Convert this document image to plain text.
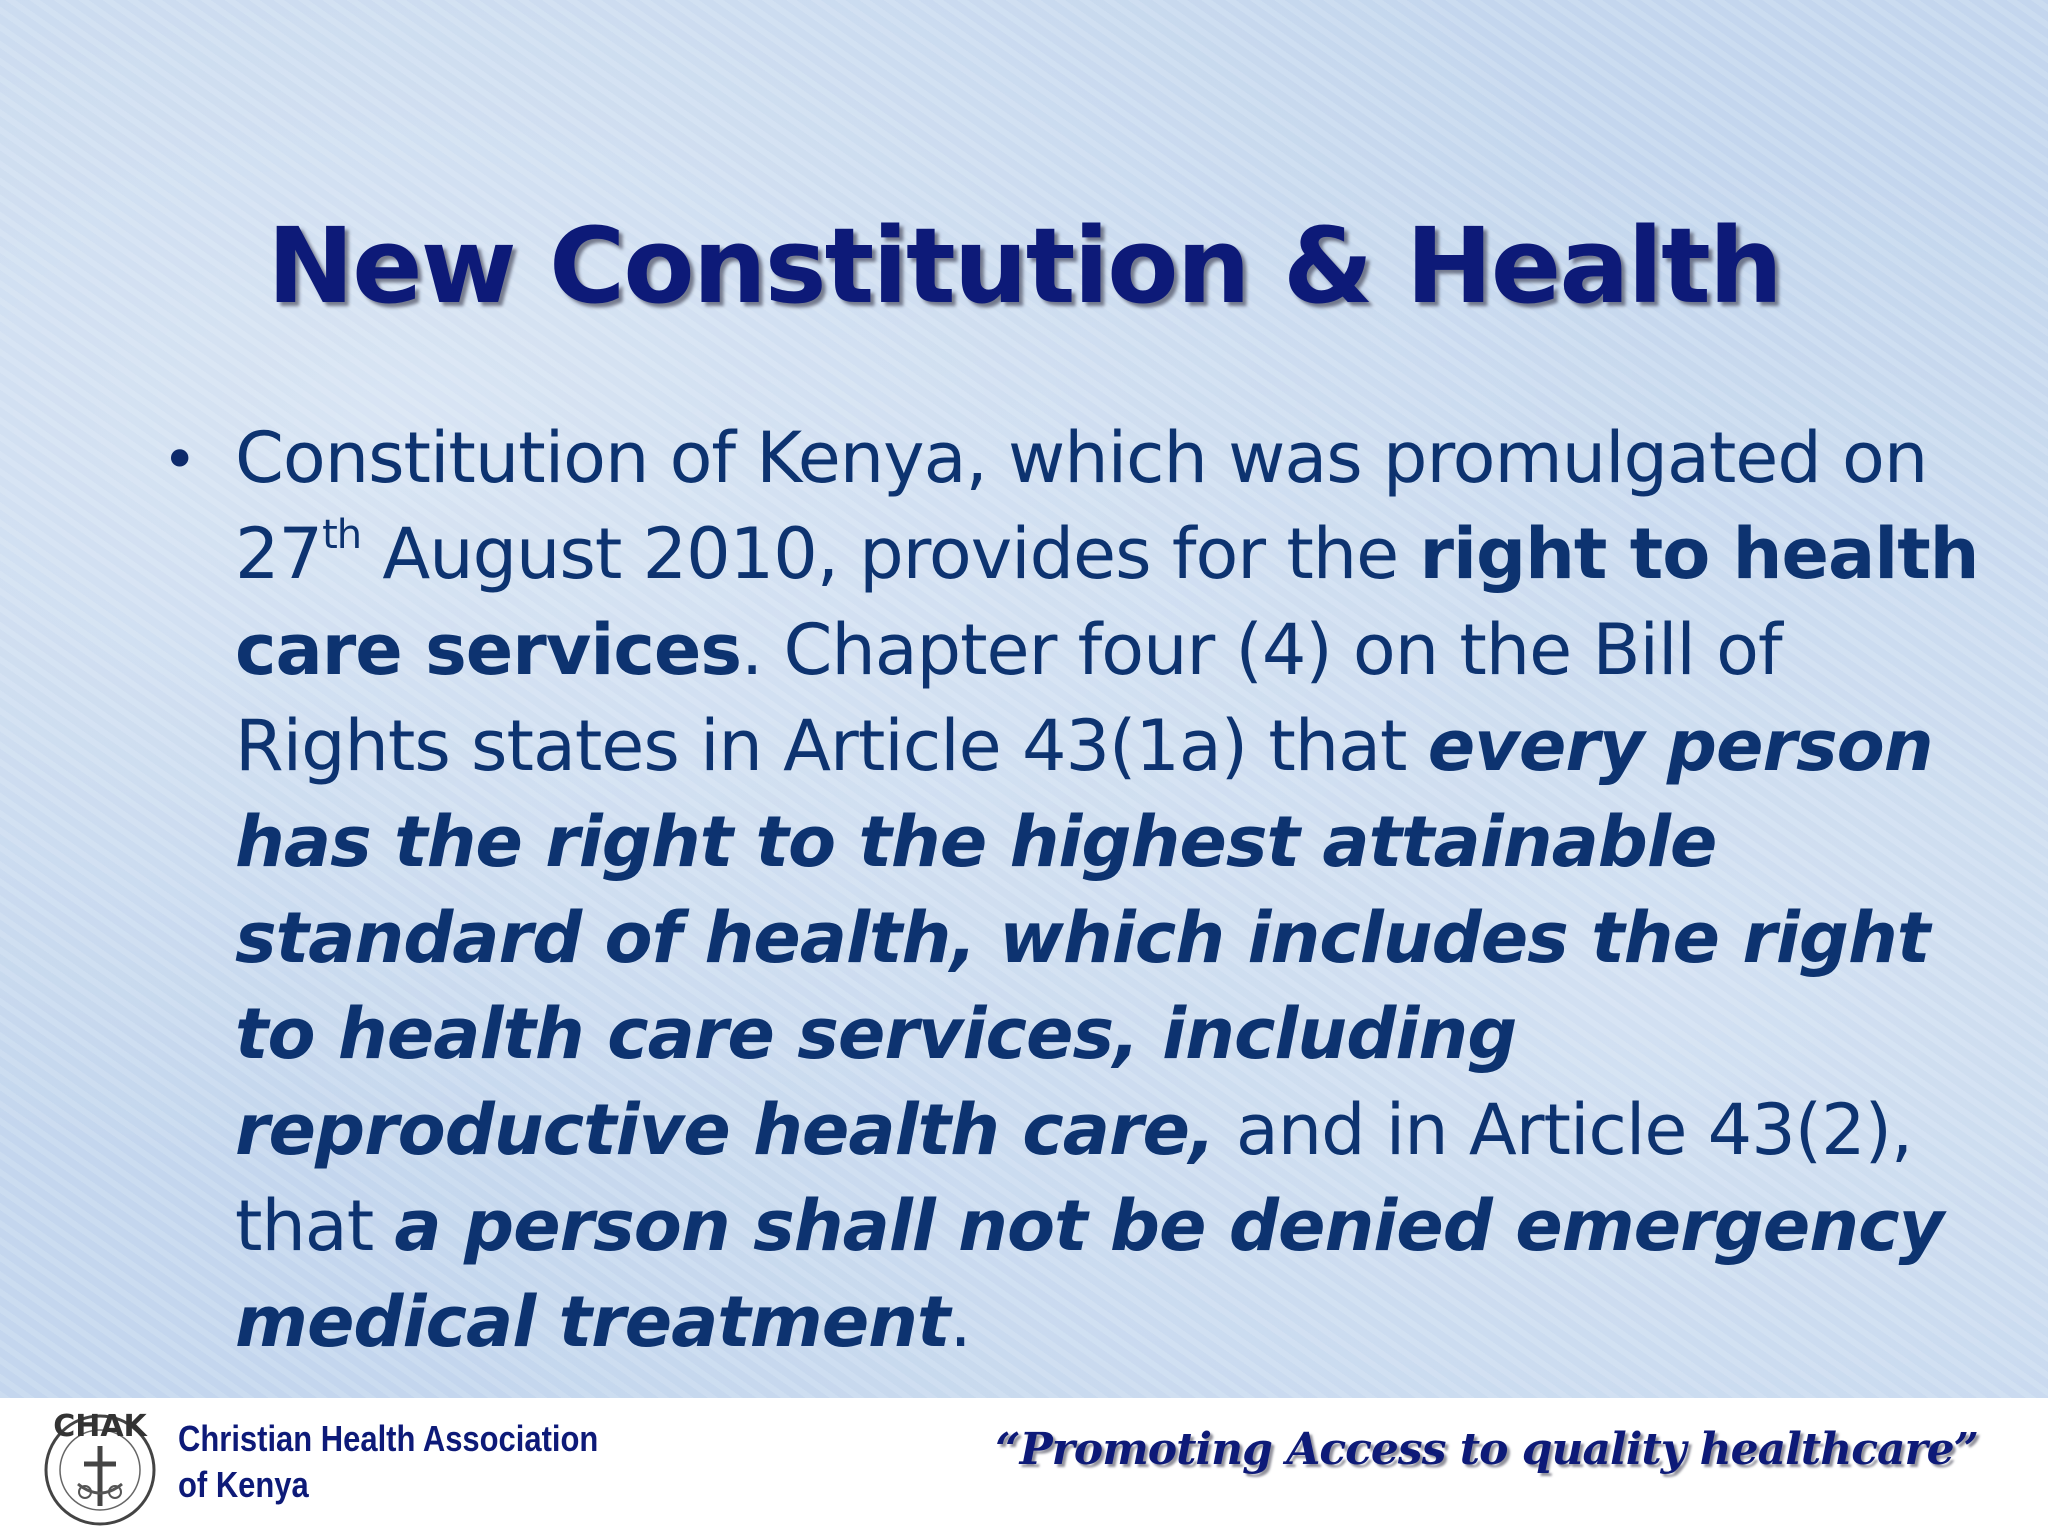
New Constitution & Health
• Constitution of Kenya, which was promulgated on 27th August 2010, provides for the right to health care services. Chapter four (4) on the Bill of Rights states in Article 43(1a) that every person has the right to the highest attainable standard of health, which includes the right to health care services, including reproductive health care, and in Article 43(2), that a person shall not be denied emergency medical treatment.

CHAK Christian Health Association
of Kenya
“Promoting Access to quality healthcare”
